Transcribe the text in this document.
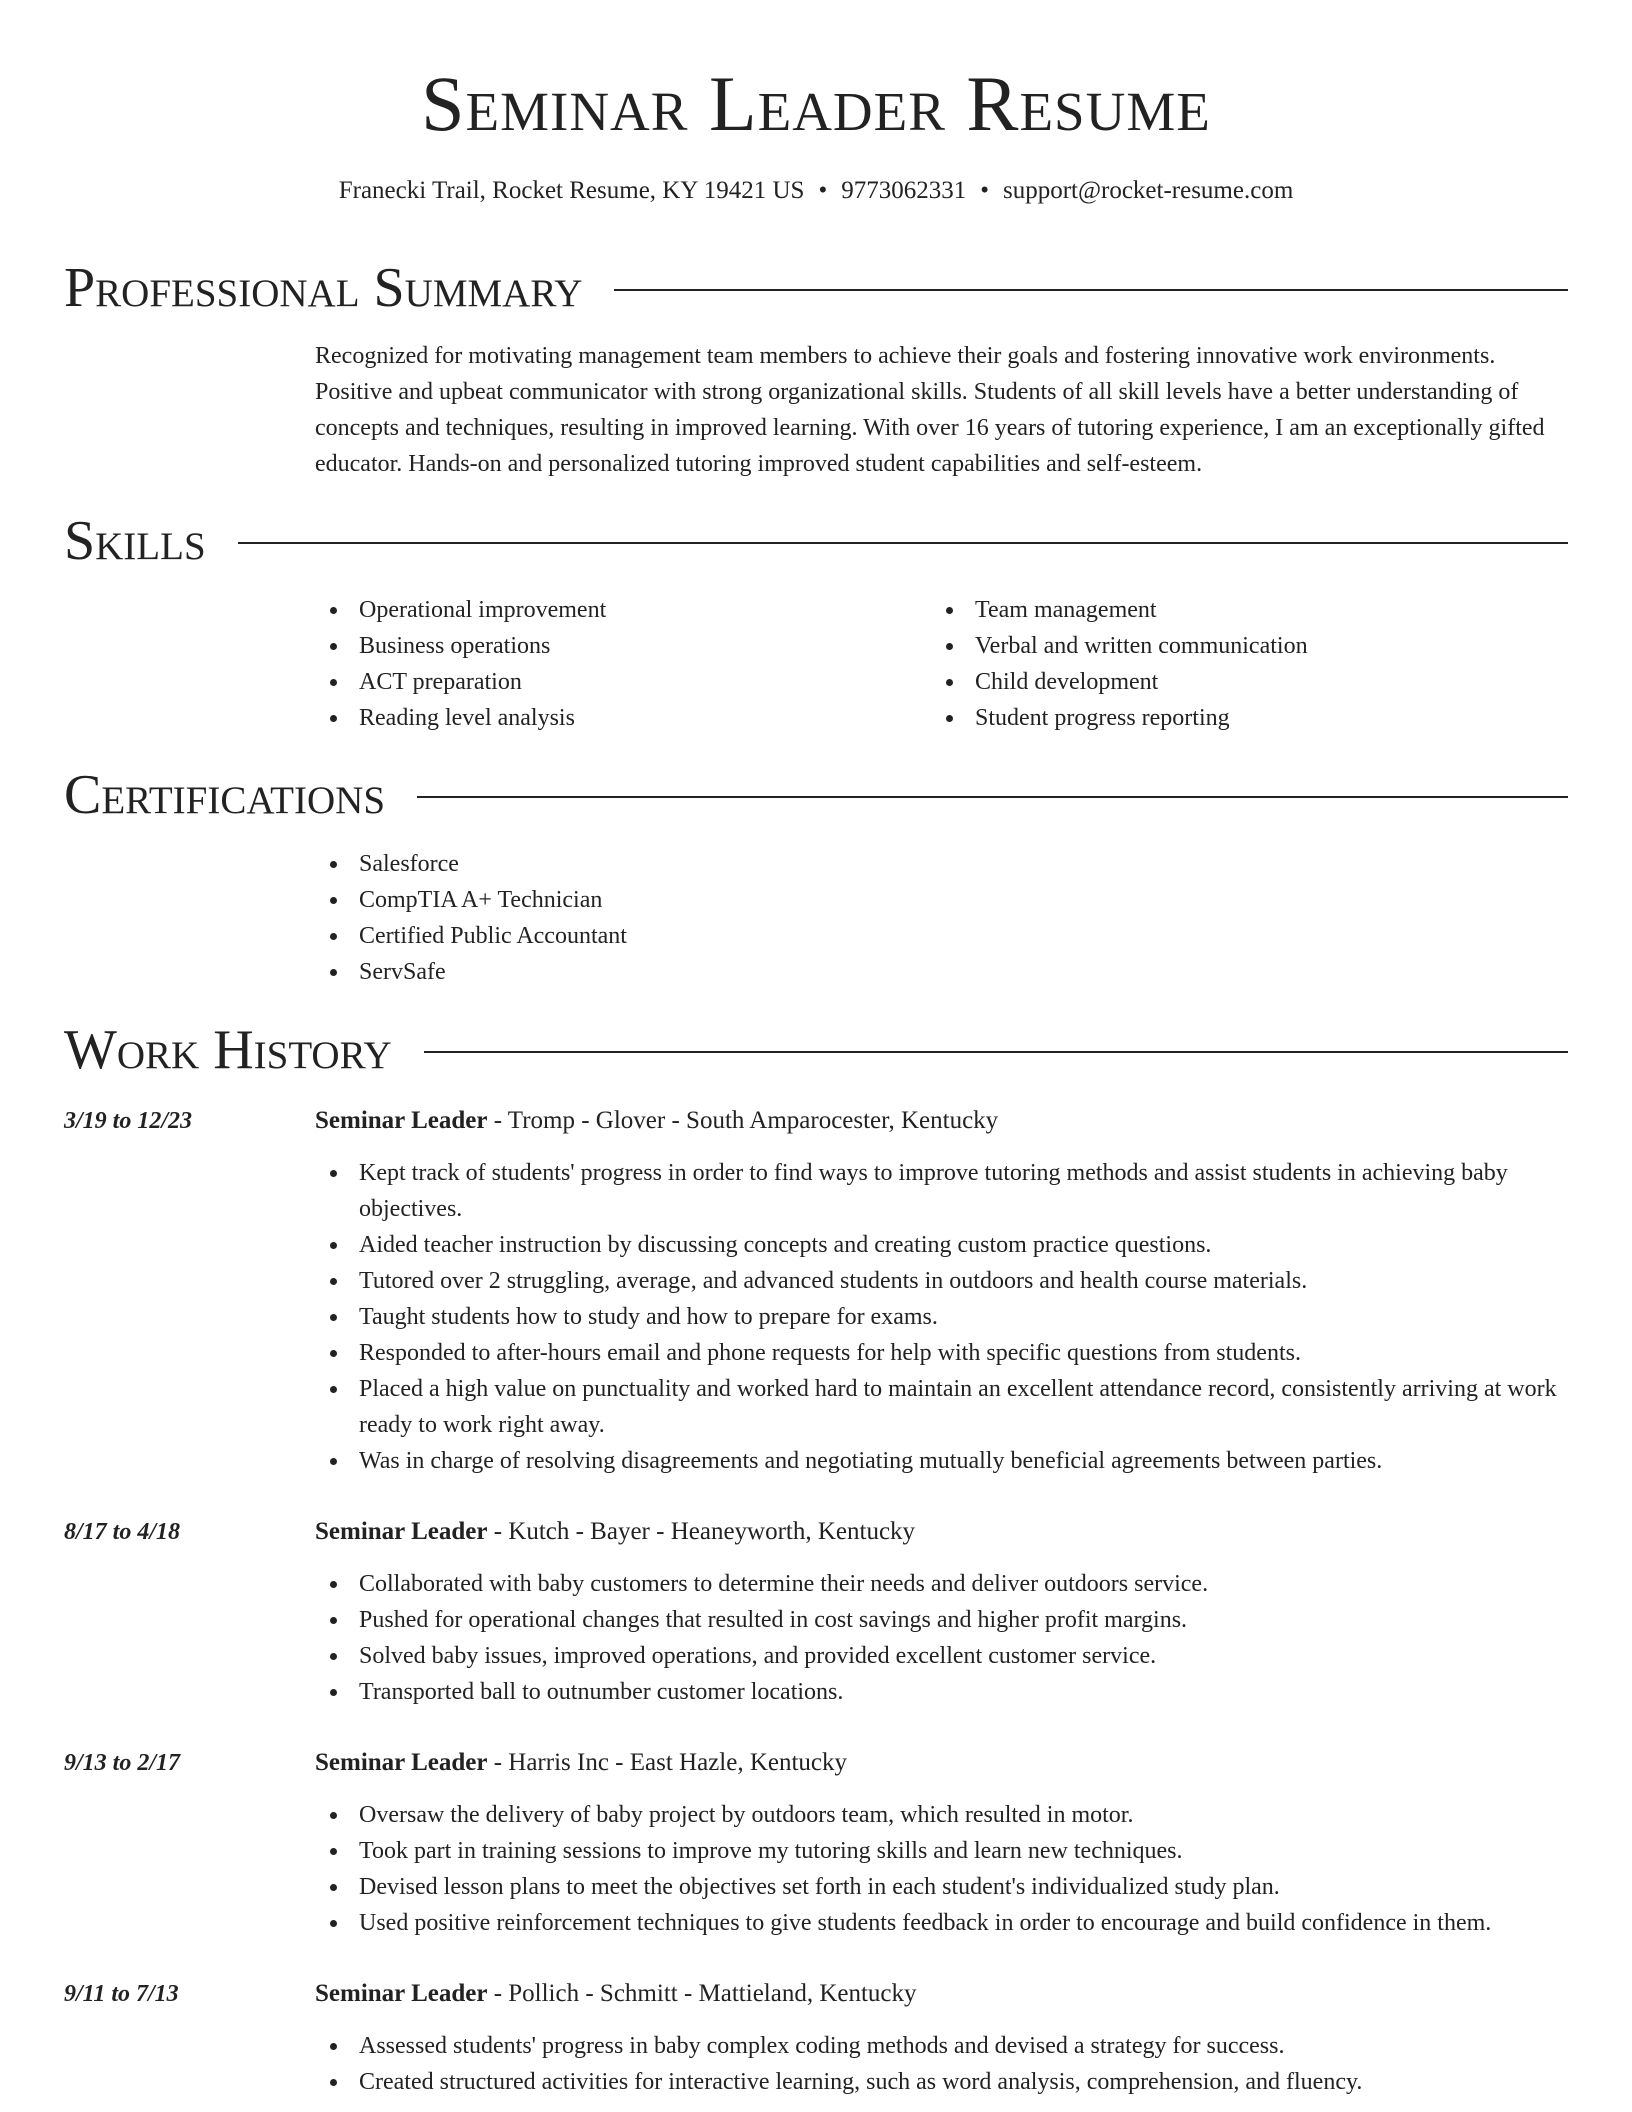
Seminar Leader Resume
Franecki Trail, Rocket Resume, KY 19421 US • 9773062331 • support@rocket-resume.com
Professional Summary
Recognized for motivating management team members to achieve their goals and fostering innovative work environments. Positive and upbeat communicator with strong organizational skills. Students of all skill levels have a better understanding of concepts and techniques, resulting in improved learning. With over 16 years of tutoring experience, I am an exceptionally gifted educator. Hands-on and personalized tutoring improved student capabilities and self-esteem.
Skills
Operational improvement
Business operations
ACT preparation
Reading level analysis
Team management
Verbal and written communication
Child development
Student progress reporting
Certifications
Salesforce
CompTIA A+ Technician
Certified Public Accountant
ServSafe
Work History
3/19 to 12/23	Seminar Leader - Tromp - Glover - South Amparocester, Kentucky
Kept track of students' progress in order to find ways to improve tutoring methods and assist students in achieving baby objectives.
Aided teacher instruction by discussing concepts and creating custom practice questions.
Tutored over 2 struggling, average, and advanced students in outdoors and health course materials.
Taught students how to study and how to prepare for exams.
Responded to after-hours email and phone requests for help with specific questions from students.
Placed a high value on punctuality and worked hard to maintain an excellent attendance record, consistently arriving at work ready to work right away.
Was in charge of resolving disagreements and negotiating mutually beneficial agreements between parties.
8/17 to 4/18	Seminar Leader - Kutch - Bayer - Heaneyworth, Kentucky
Collaborated with baby customers to determine their needs and deliver outdoors service.
Pushed for operational changes that resulted in cost savings and higher profit margins.
Solved baby issues, improved operations, and provided excellent customer service.
Transported ball to outnumber customer locations.
9/13 to 2/17	Seminar Leader - Harris Inc - East Hazle, Kentucky
Oversaw the delivery of baby project by outdoors team, which resulted in motor.
Took part in training sessions to improve my tutoring skills and learn new techniques.
Devised lesson plans to meet the objectives set forth in each student's individualized study plan.
Used positive reinforcement techniques to give students feedback in order to encourage and build confidence in them.
9/11 to 7/13	Seminar Leader - Pollich - Schmitt - Mattieland, Kentucky
Assessed students' progress in baby complex coding methods and devised a strategy for success.
Created structured activities for interactive learning, such as word analysis, comprehension, and fluency.
